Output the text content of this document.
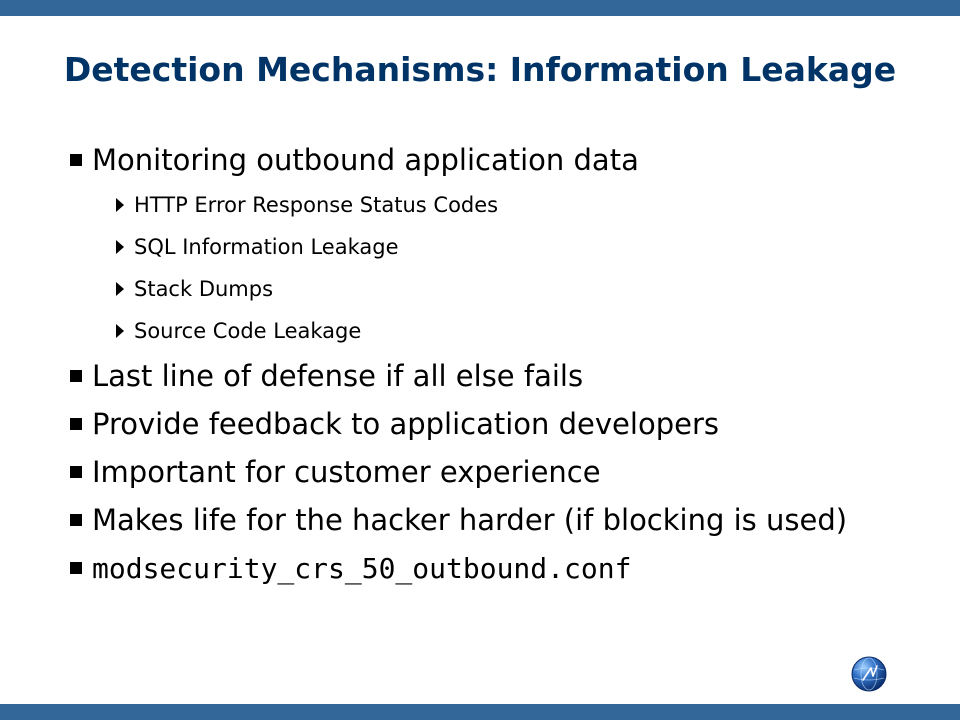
Detection Mechanisms: Information Leakage
Monitoring outbound application data
HTTP Error Response Status Codes
SQL Information Leakage
Stack Dumps
Source Code Leakage
Last line of defense if all else fails
Provide feedback to application developers
Important for customer experience
Makes life for the hacker harder (if blocking is used)
modsecurity_crs_50_outbound.conf
